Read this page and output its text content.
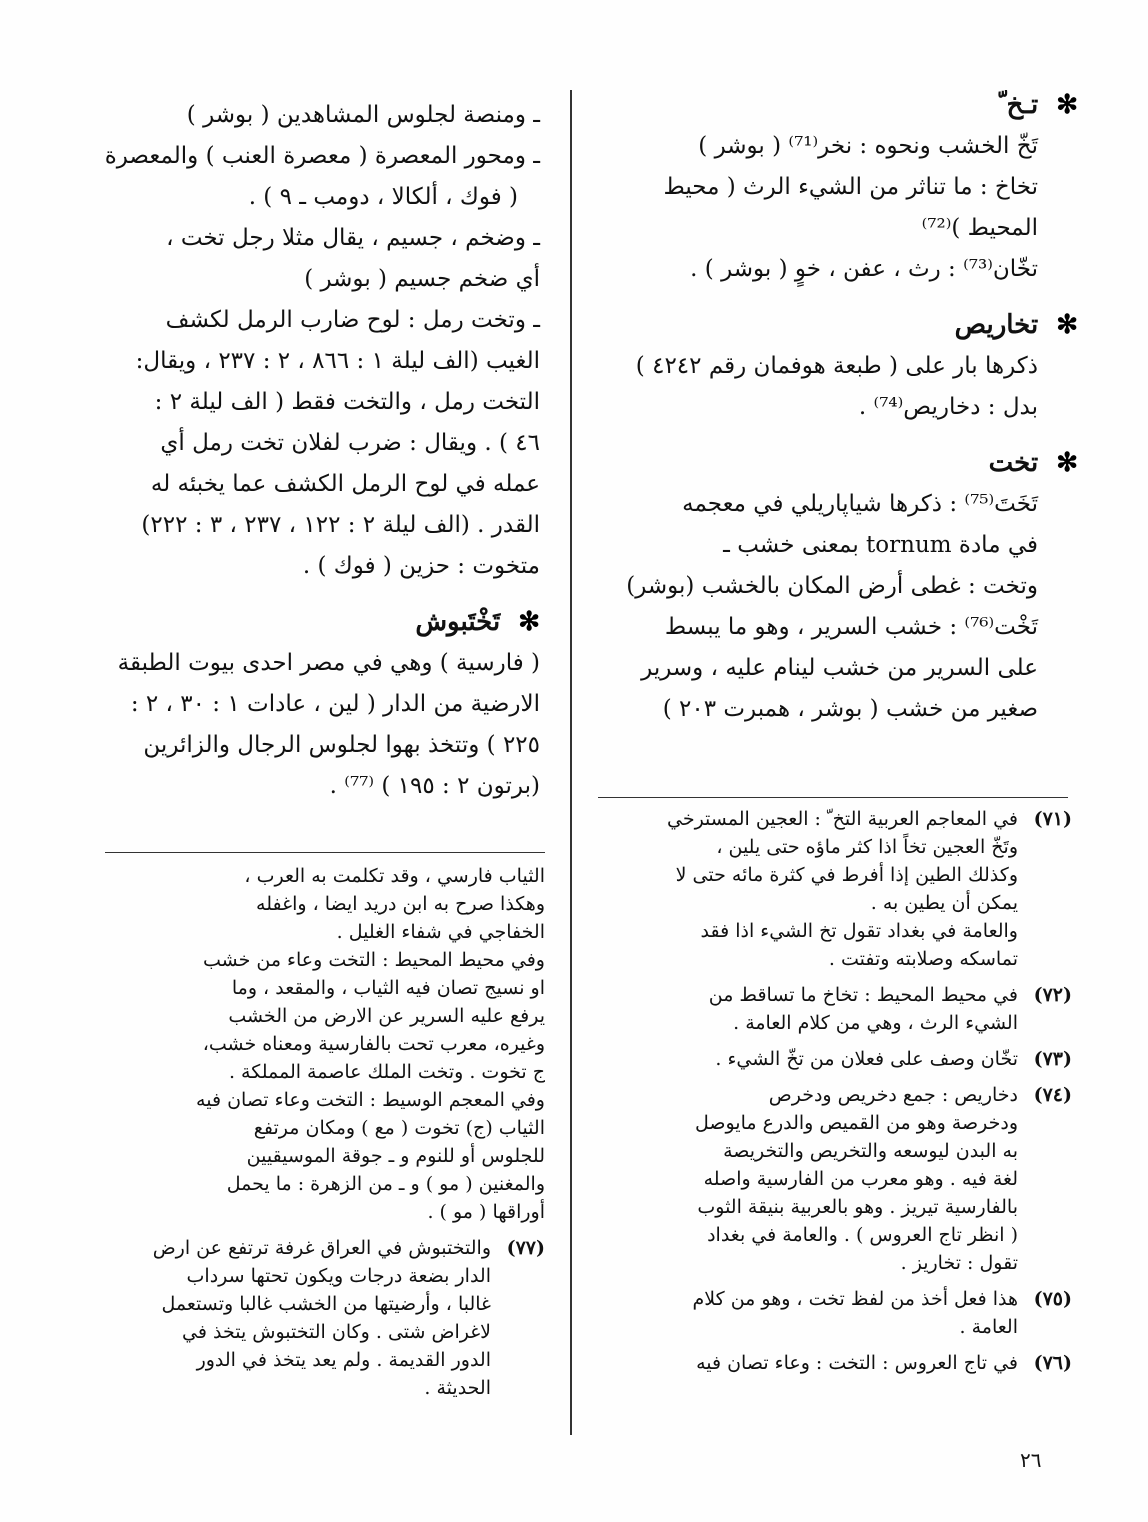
✻
تـخ ّ

تَخّ الخشب ونحوه : نخر⁽⁷¹⁾ ( بوشر )

تخاخ : ما تناثر من الشيء الرث ( محيط

المحيط )⁽⁷²⁾

تخّان⁽⁷³⁾ : رث ، عفن ، خوٍ ( بوشر ) .

✻
تخاريص

ذكرها بار على ( طبعة هوفمان رقم ٤٢٤٢ )

بدل : دخاريص⁽⁷⁴⁾ .

✻
تخت

تَخَتَ⁽⁷⁵⁾ : ذكرها شياپاريلي في معجمه

في مادة tornum بمعنى خشب ـ

وتخت : غطى أرض المكان بالخشب (بوشر)

تَخْت⁽⁷⁶⁾ : خشب السرير ، وهو ما يبسط

على السرير من خشب لينام عليه ، وسرير

صغير من خشب ( بوشر ، همبرت ٢٠٣ )

(٧١)

في المعاجم العربية التخ ّ : العجين المسترخي

وتَخّ العجين تخاً اذا كثر ماؤه حتى يلين ،

وكذلك الطين إذا أفرط في كثرة مائه حتى لا

يمكن أن يطين به .

والعامة في بغداد تقول تخ الشيء اذا فقد

تماسكه وصلابته وتفتت .

(٧٢)

في محيط المحيط : تخاخ ما تساقط من

الشيء الرث ، وهي من كلام العامة .

(٧٣)

تخّان وصف على فعلان من تخّ الشيء .

(٧٤)

دخاريص : جمع دخريص ودخرص

ودخرصة وهو من القميص والدرع مايوصل

به البدن ليوسعه والتخريص والتخريصة

لغة فيه . وهو معرب من الفارسية واصله

بالفارسية تيريز . وهو بالعربية بنيقة الثوب

( انظر تاج العروس ) . والعامة في بغداد

تقول : تخاريز .

(٧٥)

هذا فعل أخذ من لفظ تخت ، وهو من كلام

العامة .

(٧٦)

في تاج العروس : التخت : وعاء تصان فيه

ـ ومنصة لجلوس المشاهدين ( بوشر )

ـ ومحور المعصرة ( معصرة العنب ) والمعصرة

( فوك ، ألكالا ، دومب ـ ٩ ) .

ـ وضخم ، جسيم ، يقال مثلا رجل تخت ،

أي ضخم جسيم ( بوشر )

ـ وتخت رمل : لوح ضارب الرمل لكشف

الغيب (الف ليلة ١ : ٨٦٦ ، ٢ : ٢٣٧ ، ويقال:

التخت رمل ، والتخت فقط ( الف ليلة ٢ :

٤٦ ) . ويقال : ضرب لفلان تخت رمل أي

عمله في لوح الرمل الكشف عما يخبئه له

القدر . (الف ليلة ٢ : ١٢٢ ، ٢٣٧ ، ٣ : ٢٢٢)

متخوت : حزين ( فوك ) .

✻
تَخْتَبوش

( فارسية ) وهي في مصر احدى بيوت الطبقة

الارضية من الدار ( لين ، عادات ١ : ٣٠ ، ٢ :

٢٢٥ ) وتتخذ بهوا لجلوس الرجال والزائرين

(برتون ٢ : ١٩٥ ) ⁽⁷⁷⁾ .

الثياب فارسي ، وقد تكلمت به العرب ،

وهكذا صرح به ابن دريد ايضا ، واغفله

الخفاجي في شفاء الغليل .

وفي محيط المحيط : التخت وعاء من خشب

او نسيج تصان فيه الثياب ، والمقعد ، وما

يرفع عليه السرير عن الارض من الخشب

وغيره، معرب تحت بالفارسية ومعناه خشب،

ج تخوت . وتخت الملك عاصمة المملكة .

وفي المعجم الوسيط : التخت وعاء تصان فيه

الثياب (ج) تخوت ( مع ) ومكان مرتفع

للجلوس أو للنوم و ـ جوقة الموسيقيين

والمغنين ( مو ) و ـ من الزهرة : ما يحمل

أوراقها ( مو ) .

(٧٧)

والتختبوش في العراق غرفة ترتفع عن ارض

الدار بضعة درجات ويكون تحتها سرداب

غالبا ، وأرضيتها من الخشب غالبا وتستعمل

لاغراض شتى . وكان التختبوش يتخذ في

الدور القديمة . ولم يعد يتخذ في الدور

الحديثة .

٢٦
